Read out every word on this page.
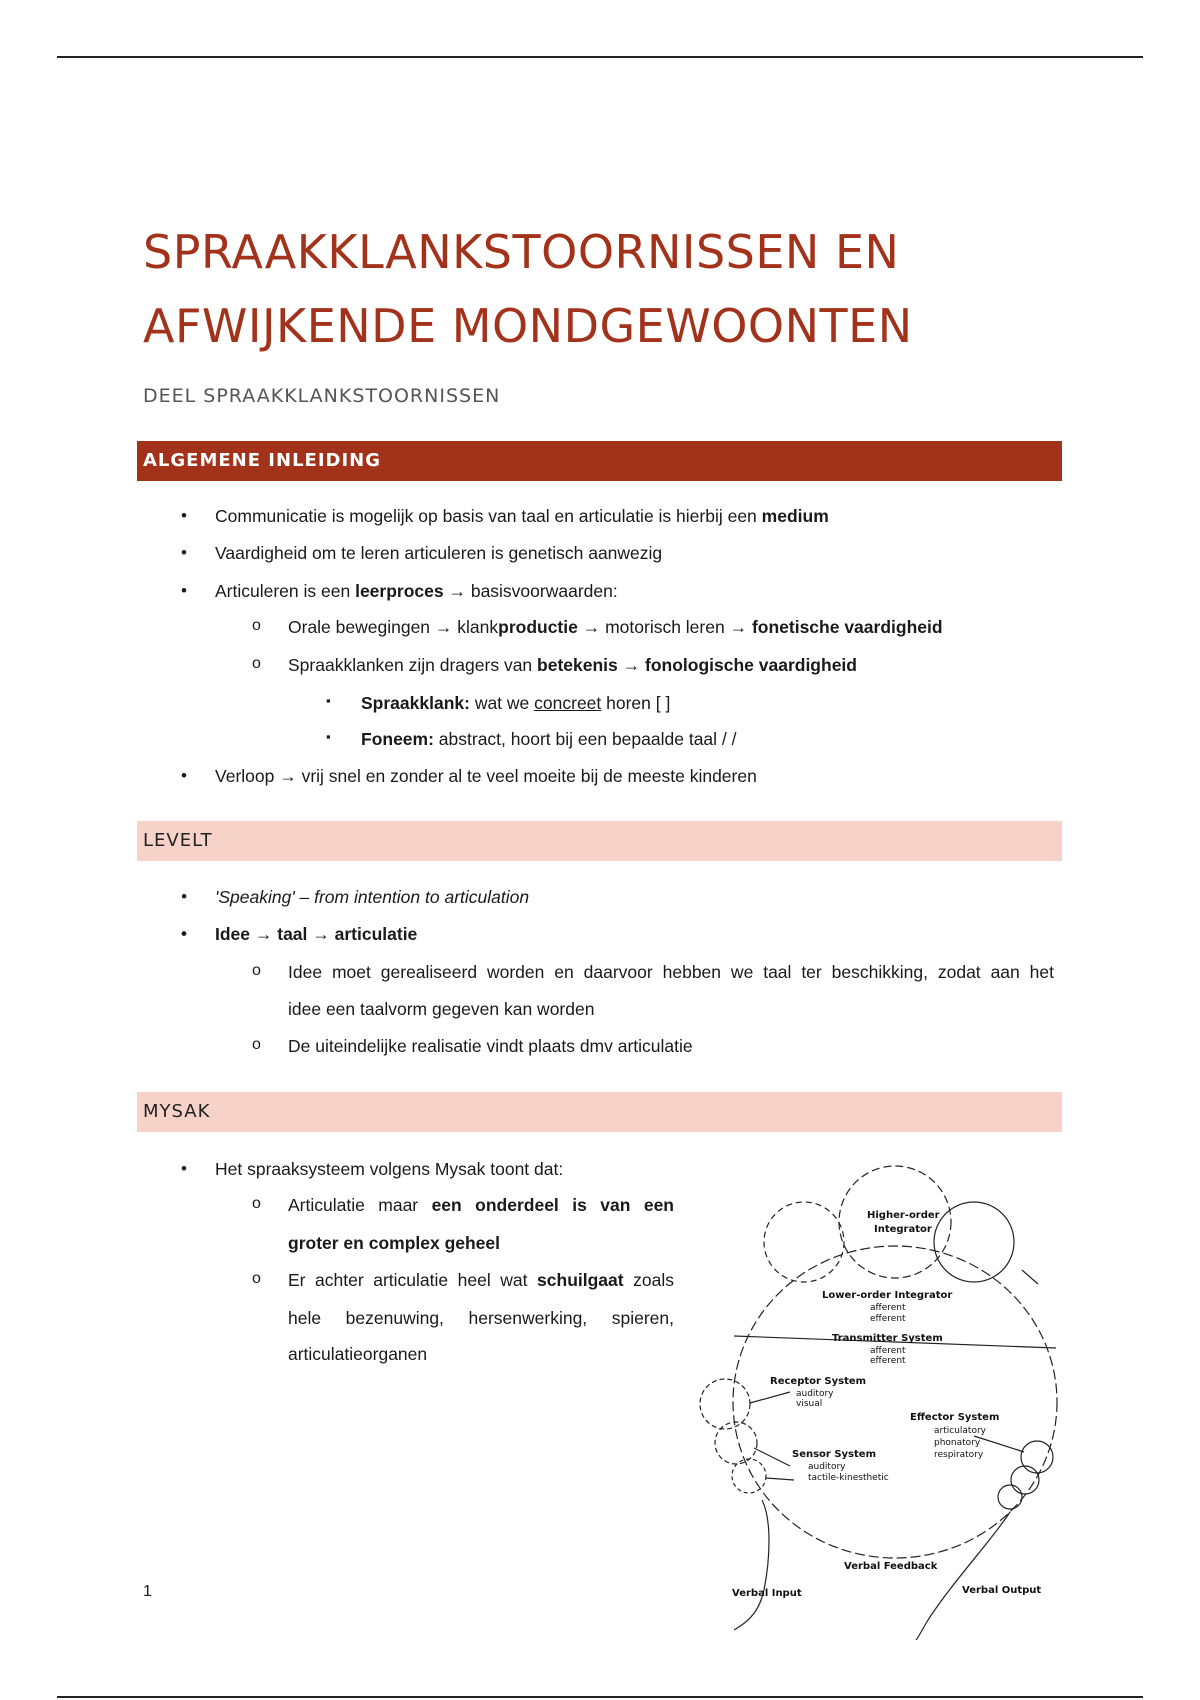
SPRAAKKLANKSTOORNISSEN EN
AFWIJKENDE MONDGEWOONTEN
DEEL SPRAAKKLANKSTOORNISSEN
ALGEMENE INLEIDING
• Communicatie is mogelijk op basis van taal en articulatie is hierbij een medium
• Vaardigheid om te leren articuleren is genetisch aanwezig
• Articuleren is een leerproces → basisvoorwaarden:
o Orale bewegingen → klankproductie → motorisch leren → fonetische vaardigheid
o Spraakklanken zijn dragers van betekenis → fonologische vaardigheid
▪ Spraakklank: wat we concreet horen [ ]
▪ Foneem: abstract, hoort bij een bepaalde taal / /
• Verloop → vrij snel en zonder al te veel moeite bij de meeste kinderen
LEVELT
• 'Speaking' – from intention to articulation
• Idee → taal → articulatie
o Idee moet gerealiseerd worden en daarvoor hebben we taal ter beschikking, zodat aan het
idee een taalvorm gegeven kan worden
o De uiteindelijke realisatie vindt plaats dmv articulatie
MYSAK
• Het spraaksysteem volgens Mysak toont dat:
o Articulatie maar een onderdeel is van een
groter en complex geheel
o Er achter articulatie heel wat schuilgaat zoals
hele bezenuwing, hersenwerking, spieren,
articulatieorganen
Higher-order
Integrator
Lower-order Integrator
afferent
efferent
Transmitter System
afferent
efferent
Receptor System
auditory
visual
Effector System
articulatory
phonatory
respiratory
Sensor System
auditory
tactile-kinesthetic
Verbal Feedback
Verbal Input	Verbal Output
1
